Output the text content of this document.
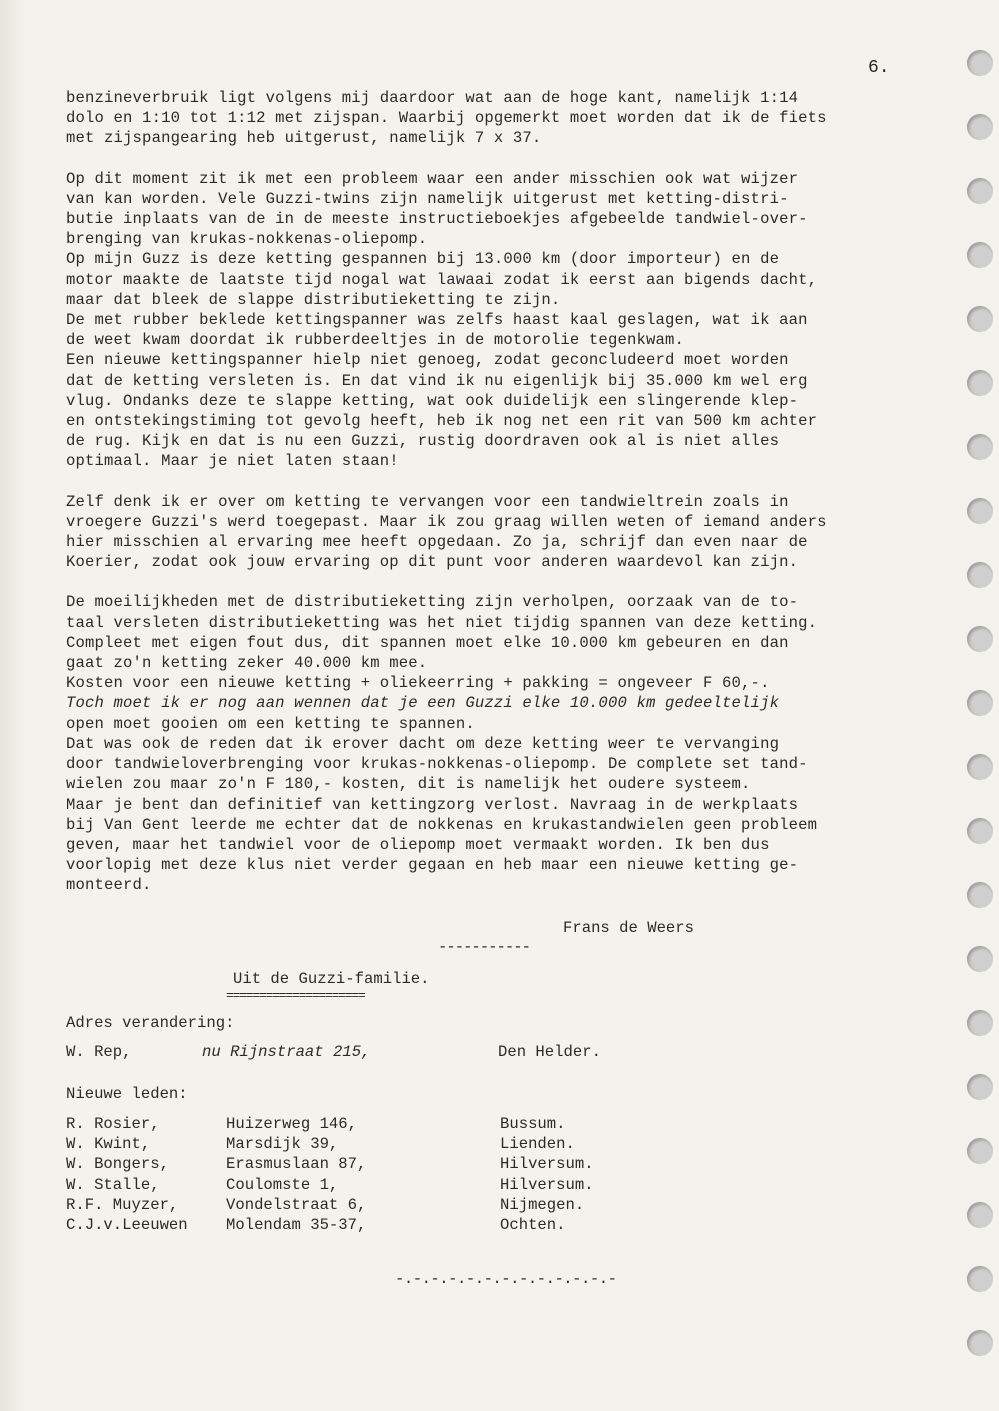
6.

benzineverbruik ligt volgens mij daardoor wat aan de hoge kant, namelijk 1:14
dolo en 1:10 tot 1:12 met zijspan. Waarbij opgemerkt moet worden dat ik de fiets
met zijspangearing heb uitgerust, namelijk 7 x 37.

Op dit moment zit ik met een probleem waar een ander misschien ook wat wijzer
van kan worden. Vele Guzzi-twins zijn namelijk uitgerust met ketting-distri-
butie inplaats van de in de meeste instructieboekjes afgebeelde tandwiel-over-
brenging van krukas-nokkenas-oliepomp.
Op mijn Guzz is deze ketting gespannen bij 13.000 km (door importeur) en de
motor maakte de laatste tijd nogal wat lawaai zodat ik eerst aan bigends dacht,
maar dat bleek de slappe distributieketting te zijn.
De met rubber beklede kettingspanner was zelfs haast kaal geslagen, wat ik aan
de weet kwam doordat ik rubberdeeltjes in de motorolie tegenkwam.
Een nieuwe kettingspanner hielp niet genoeg, zodat geconcludeerd moet worden
dat de ketting versleten is. En dat vind ik nu eigenlijk bij 35.000 km wel erg
vlug. Ondanks deze te slappe ketting, wat ook duidelijk een slingerende klep-
en ontstekingstiming tot gevolg heeft, heb ik nog net een rit van 500 km achter
de rug. Kijk en dat is nu een Guzzi, rustig doordraven ook al is niet alles
optimaal. Maar je niet laten staan!

Zelf denk ik er over om ketting te vervangen voor een tandwieltrein zoals in
vroegere Guzzi's werd toegepast. Maar ik zou graag willen weten of iemand anders
hier misschien al ervaring mee heeft opgedaan. Zo ja, schrijf dan even naar de
Koerier, zodat ook jouw ervaring op dit punt voor anderen waardevol kan zijn.

De moeilijkheden met de distributieketting zijn verholpen, oorzaak van de to-
taal versleten distributieketting was het niet tijdig spannen van deze ketting.
Compleet met eigen fout dus, dit spannen moet elke 10.000 km gebeuren en dan
gaat zo'n ketting zeker 40.000 km mee.
Kosten voor een nieuwe ketting + oliekeerring + pakking = ongeveer F 60,-.
Toch moet ik er nog aan wennen dat je een Guzzi elke 10.000 km gedeeltelijk
open moet gooien om een ketting te spannen.
Dat was ook de reden dat ik erover dacht om deze ketting weer te vervanging
door tandwieloverbrenging voor krukas-nokkenas-oliepomp. De complete set tand-
wielen zou maar zo'n F 180,- kosten, dit is namelijk het oudere systeem.
Maar je bent dan definitief van kettingzorg verlost. Navraag in de werkplaats
bij Van Gent leerde me echter dat de nokkenas en krukastandwielen geen probleem
geven, maar het tandwiel voor de oliepomp moet vermaakt worden. Ik ben dus
voorlopig met deze klus niet verder gegaan en heb maar een nieuwe ketting ge-
monteerd.

Frans de Weers
-----------
Uit de Guzzi-familie.
=====================
Adres verandering:
W. Rep,	nu Rijnstraat 215,	Den Helder.
Nieuwe leden:
R. Rosier,	Huizerweg 146,	Bussum.
W. Kwint,	Marsdijk 39,	Lienden.
W. Bongers,	Erasmuslaan 87,	Hilversum.
W. Stalle,	Coulomste 1,	Hilversum.
R.F. Muyzer,	Vondelstraat 6,	Nijmegen.
C.J.v.Leeuwen Molendam 35-37,	Ochten.
-.-.-.-.-.-.-.-.-.-.-.-.-
